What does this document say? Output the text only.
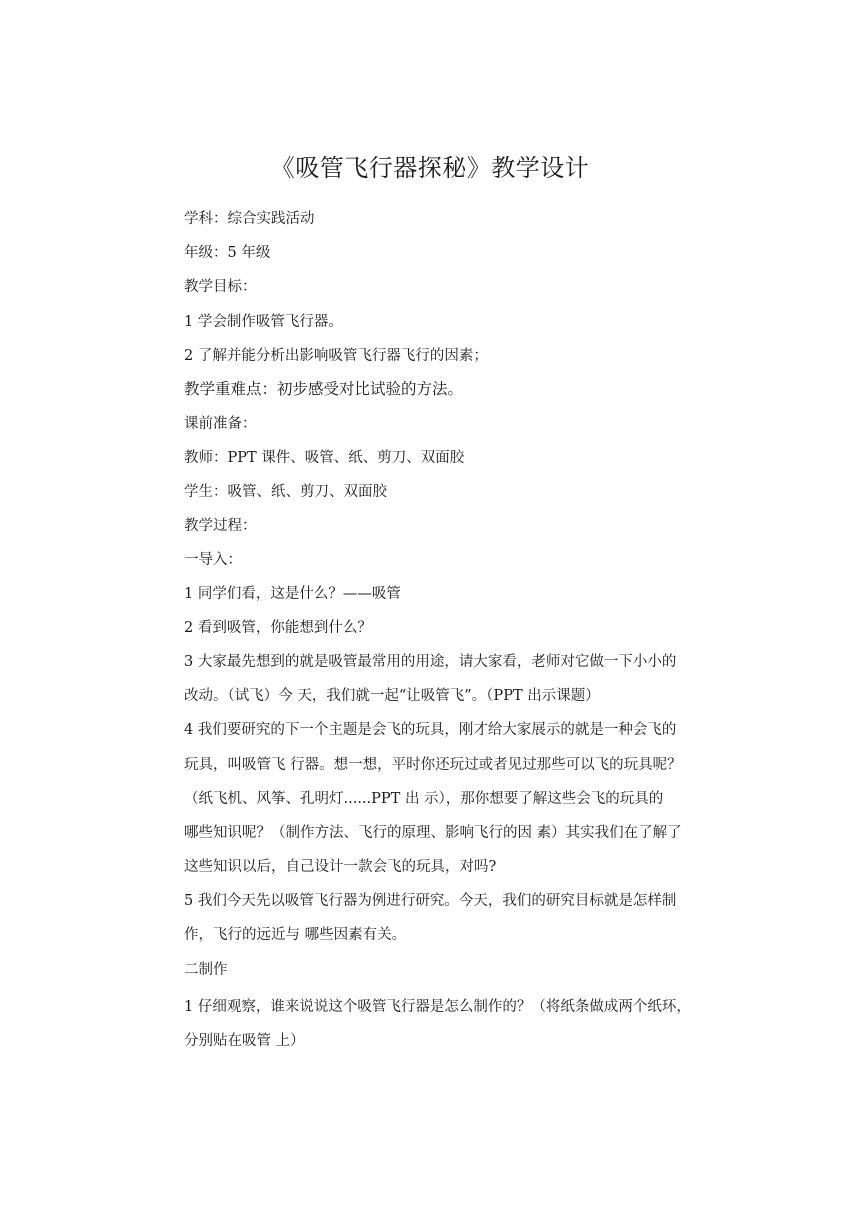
《吸管飞行器探秘》教学设计

学科：综合实践活动

年级：5 年级

教学目标：

1 学会制作吸管飞行器。

2 了解并能分析出影响吸管飞行器飞行的因素；

教学重难点：初步感受对比试验的方法。

课前准备：

教师：PPT 课件、吸管、纸、剪刀、双面胶

学生：吸管、纸、剪刀、双面胶

教学过程：

一导入：

1 同学们看，这是什么？——吸管

2 看到吸管，你能想到什么？

3 大家最先想到的就是吸管最常用的用途，请大家看，老师对它做一下小小的

改动。（试飞）今 天，我们就一起“让吸管飞”。（PPT 出示课题）

4 我们要研究的下一个主题是会飞的玩具，刚才给大家展示的就是一种会飞的

玩具，叫吸管飞 行器。想一想，平时你还玩过或者见过那些可以飞的玩具呢？

（纸飞机、风筝、孔明灯......PPT 出 示），那你想要了解这些会飞的玩具的

哪些知识呢？（制作方法、飞行的原理、影响飞行的因 素）其实我们在了解了

这些知识以后，自己设计一款会飞的玩具，对吗?

5 我们今天先以吸管飞行器为例进行研究。今天，我们的研究目标就是怎样制

作，飞行的远近与 哪些因素有关。

二制作

1 仔细观察，谁来说说这个吸管飞行器是怎么制作的？（将纸条做成两个纸环，

分别贴在吸管 上）
